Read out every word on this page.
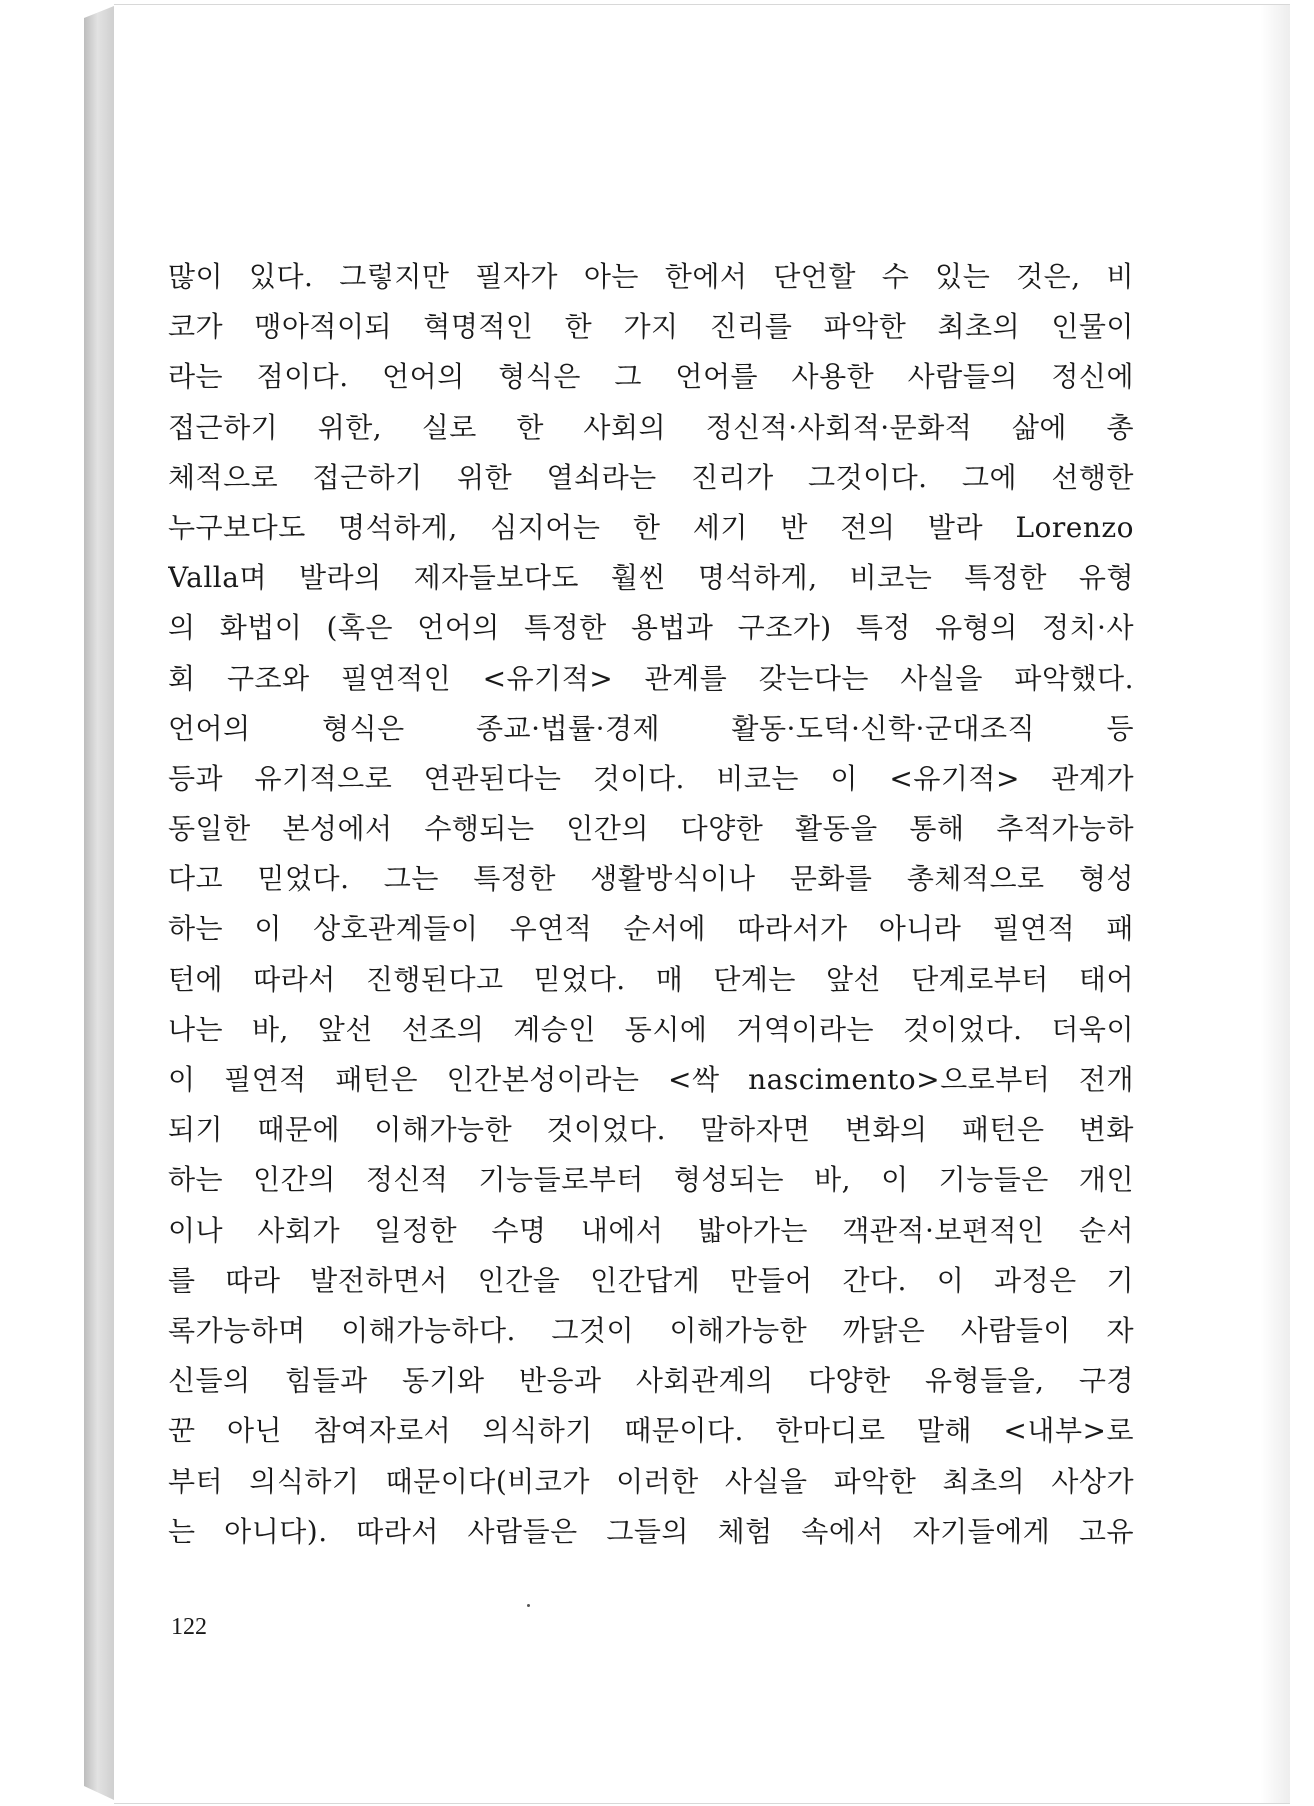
많이 있다. 그렇지만 필자가 아는 한에서 단언할 수 있는 것은, 비
코가 맹아적이되 혁명적인 한 가지 진리를 파악한 최초의 인물이
라는 점이다. 언어의 형식은 그 언어를 사용한 사람들의 정신에
접근하기 위한, 실로 한 사회의 정신적·사회적·문화적 삶에 총
체적으로 접근하기 위한 열쇠라는 진리가 그것이다. 그에 선행한
누구보다도 명석하게, 심지어는 한 세기 반 전의 발라 Lorenzo
Valla며 발라의 제자들보다도 훨씬 명석하게, 비코는 특정한 유형
의 화법이 (혹은 언어의 특정한 용법과 구조가) 특정 유형의 정치·사
회 구조와 필연적인 <유기적> 관계를 갖는다는 사실을 파악했다.
언어의 형식은 종교·법률·경제 활동·도덕·신학·군대조직 등
등과 유기적으로 연관된다는 것이다. 비코는 이 <유기적> 관계가
동일한 본성에서 수행되는 인간의 다양한 활동을 통해 추적가능하
다고 믿었다. 그는 특정한 생활방식이나 문화를 총체적으로 형성
하는 이 상호관계들이 우연적 순서에 따라서가 아니라 필연적 패
턴에 따라서 진행된다고 믿었다. 매 단계는 앞선 단계로부터 태어
나는 바, 앞선 선조의 계승인 동시에 거역이라는 것이었다. 더욱이
이 필연적 패턴은 인간본성이라는 <싹 nascimento>으로부터 전개
되기 때문에 이해가능한 것이었다. 말하자면 변화의 패턴은 변화
하는 인간의 정신적 기능들로부터 형성되는 바, 이 기능들은 개인
이나 사회가 일정한 수명 내에서 밟아가는 객관적·보편적인 순서
를 따라 발전하면서 인간을 인간답게 만들어 간다. 이 과정은 기
록가능하며 이해가능하다. 그것이 이해가능한 까닭은 사람들이 자
신들의 힘들과 동기와 반응과 사회관계의 다양한 유형들을, 구경
꾼 아닌 참여자로서 의식하기 때문이다. 한마디로 말해 <내부>로
부터 의식하기 때문이다(비코가 이러한 사실을 파악한 최초의 사상가
는 아니다). 따라서 사람들은 그들의 체험 속에서 자기들에게 고유
122
